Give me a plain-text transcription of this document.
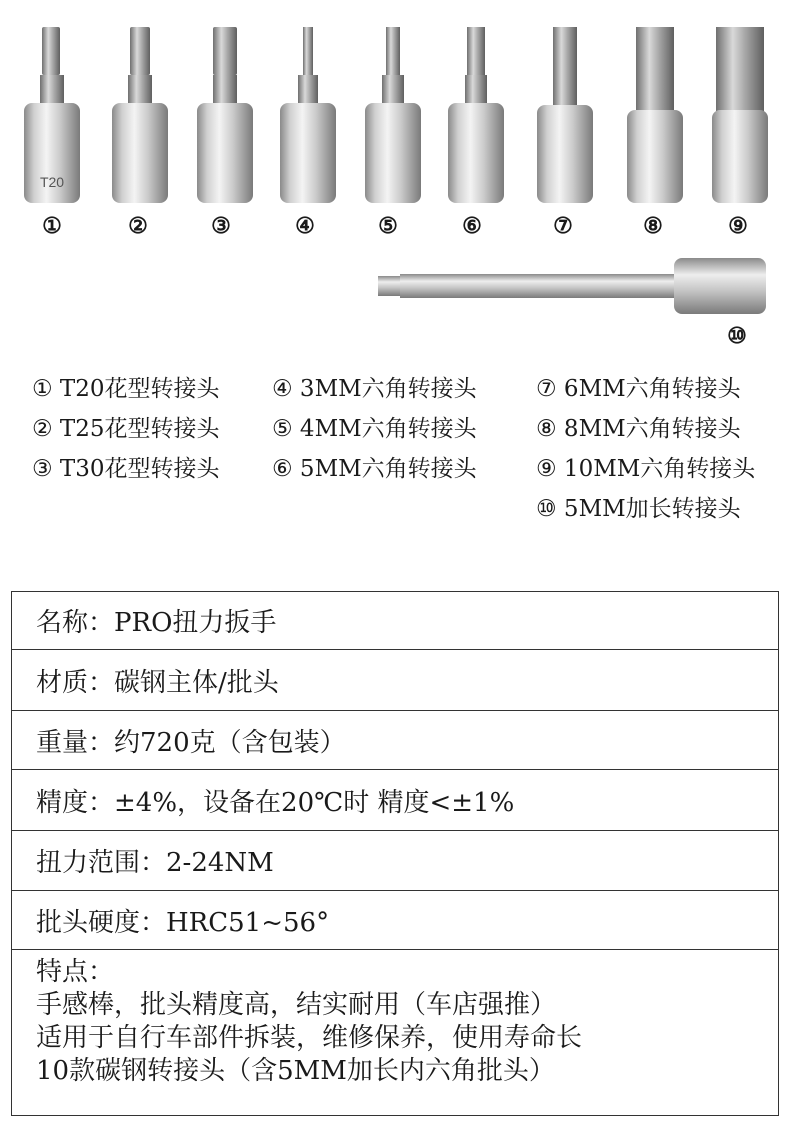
T20
①	②	③	④	⑤	⑥	⑦	⑧	⑨
⑩
① T20花型转接头
② T25花型转接头
③ T30花型转接头
④ 3MM六角转接头
⑤ 4MM六角转接头
⑥ 5MM六角转接头
⑦ 6MM六角转接头
⑧ 8MM六角转接头
⑨ 10MM六角转接头
⑩ 5MM加长转接头
名称：PRO扭力扳手
材质：碳钢主体/批头
重量：约720克（含包装）
精度：±4%，设备在20℃时 精度<±1%
扭力范围：2-24NM
批头硬度：HRC51~56°
特点：
手感棒，批头精度高，结实耐用（车店强推）
适用于自行车部件拆装，维修保养，使用寿命长
10款碳钢转接头（含5MM加长内六角批头）
